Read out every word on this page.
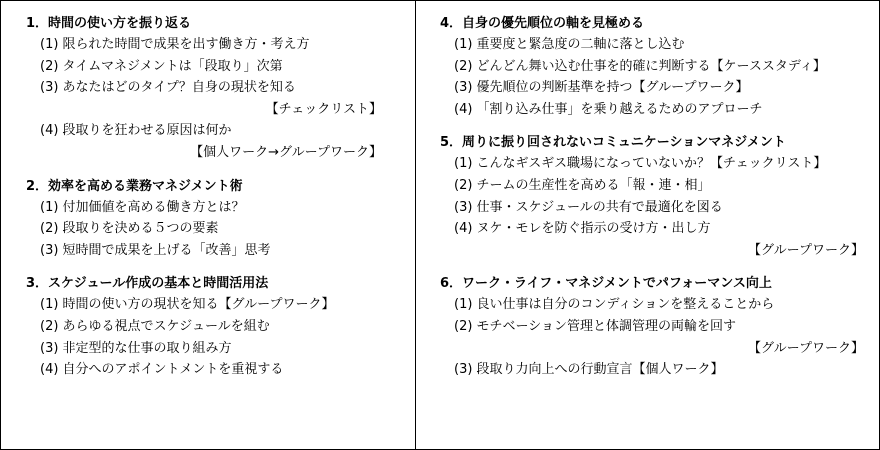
1．時間の使い方を振り返る
(1) 限られた時間で成果を出す働き方・考え方
(2) タイムマネジメントは「段取り」次第
(3) あなたはどのタイプ？自身の現状を知る
【チェックリスト】
(4) 段取りを狂わせる原因は何か
【個人ワーク→グループワーク】
2．効率を高める業務マネジメント術
(1) 付加価値を高める働き方とは？
(2) 段取りを決める５つの要素
(3) 短時間で成果を上げる「改善」思考
3．スケジュール作成の基本と時間活用法
(1) 時間の使い方の現状を知る【グループワーク】
(2) あらゆる視点でスケジュールを組む
(3) 非定型的な仕事の取り組み方
(4) 自分へのアポイントメントを重視する
4．自身の優先順位の軸を見極める
(1) 重要度と緊急度の二軸に落とし込む
(2) どんどん舞い込む仕事を的確に判断する【ケーススタディ】
(3) 優先順位の判断基準を持つ【グループワーク】
(4) 「割り込み仕事」を乗り越えるためのアプローチ
5．周りに振り回されないコミュニケーションマネジメント
(1) こんなギスギス職場になっていないか？【チェックリスト】
(2) チームの生産性を高める「報・連・相」
(3) 仕事・スケジュールの共有で最適化を図る
(4) ヌケ・モレを防ぐ指示の受け方・出し方
【グループワーク】
6．ワーク・ライフ・マネジメントでパフォーマンス向上
(1) 良い仕事は自分のコンディションを整えることから
(2) モチベーション管理と体調管理の両輪を回す
【グループワーク】
(3) 段取り力向上への行動宣言【個人ワーク】
